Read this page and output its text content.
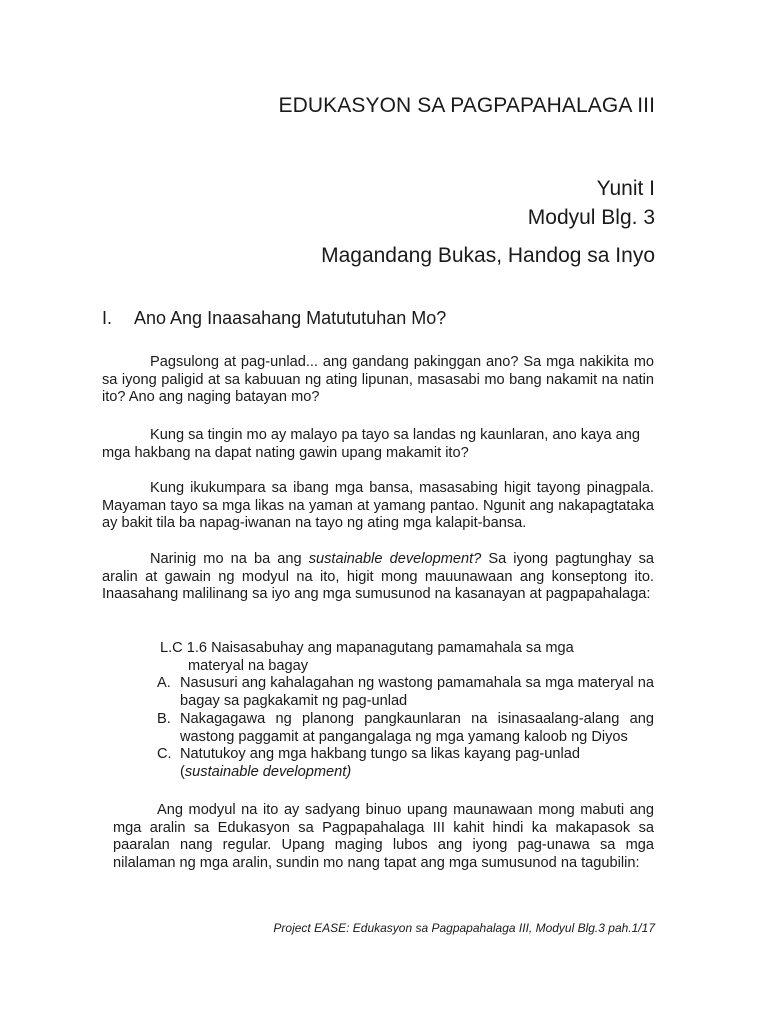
EDUKASYON SA PAGPAPAHALAGA III
Yunit I
Modyul Blg. 3
Magandang Bukas, Handog sa Inyo
I. Ano Ang Inaasahang Matututuhan Mo?
Pagsulong at pag-unlad... ang gandang pakinggan ano? Sa mga nakikita mo sa iyong paligid at sa kabuuan ng ating lipunan, masasabi mo bang nakamit na natin ito? Ano ang naging batayan mo?
Kung sa tingin mo ay malayo pa tayo sa landas ng kaunlaran, ano kaya ang mga hakbang na dapat nating gawin upang makamit ito?
Kung ikukumpara sa ibang mga bansa, masasabing higit tayong pinagpala. Mayaman tayo sa mga likas na yaman at yamang pantao. Ngunit ang nakapagtataka ay bakit tila ba napag-iwanan na tayo ng ating mga kalapit-bansa.
Narinig mo na ba ang sustainable development? Sa iyong pagtunghay sa aralin at gawain ng modyul na ito, higit mong mauunawaan ang konseptong ito. Inaasahang malilinang sa iyo ang mga sumusunod na kasanayan at pagpapahalaga:
L.C 1.6 Naisasabuhay ang mapanagutang pamamahala sa mga
materyal na bagay
A. Nasusuri ang kahalagahan ng wastong pamamahala sa mga materyal na bagay sa pagkakamit ng pag-unlad
B. Nakagagawa ng planong pangkaunlaran na isinasaalang-alang ang wastong paggamit at pangangalaga ng mga yamang kaloob ng Diyos
C. Natutukoy ang mga hakbang tungo sa likas kayang pag-unlad
(sustainable development)
Ang modyul na ito ay sadyang binuo upang maunawaan mong mabuti ang mga aralin sa Edukasyon sa Pagpapahalaga III kahit hindi ka makapasok sa paaralan nang regular. Upang maging lubos ang iyong pag-unawa sa mga nilalaman ng mga aralin, sundin mo nang tapat ang mga sumusunod na tagubilin:
Project EASE: Edukasyon sa Pagpapahalaga III, Modyul Blg.3 pah.1/17
